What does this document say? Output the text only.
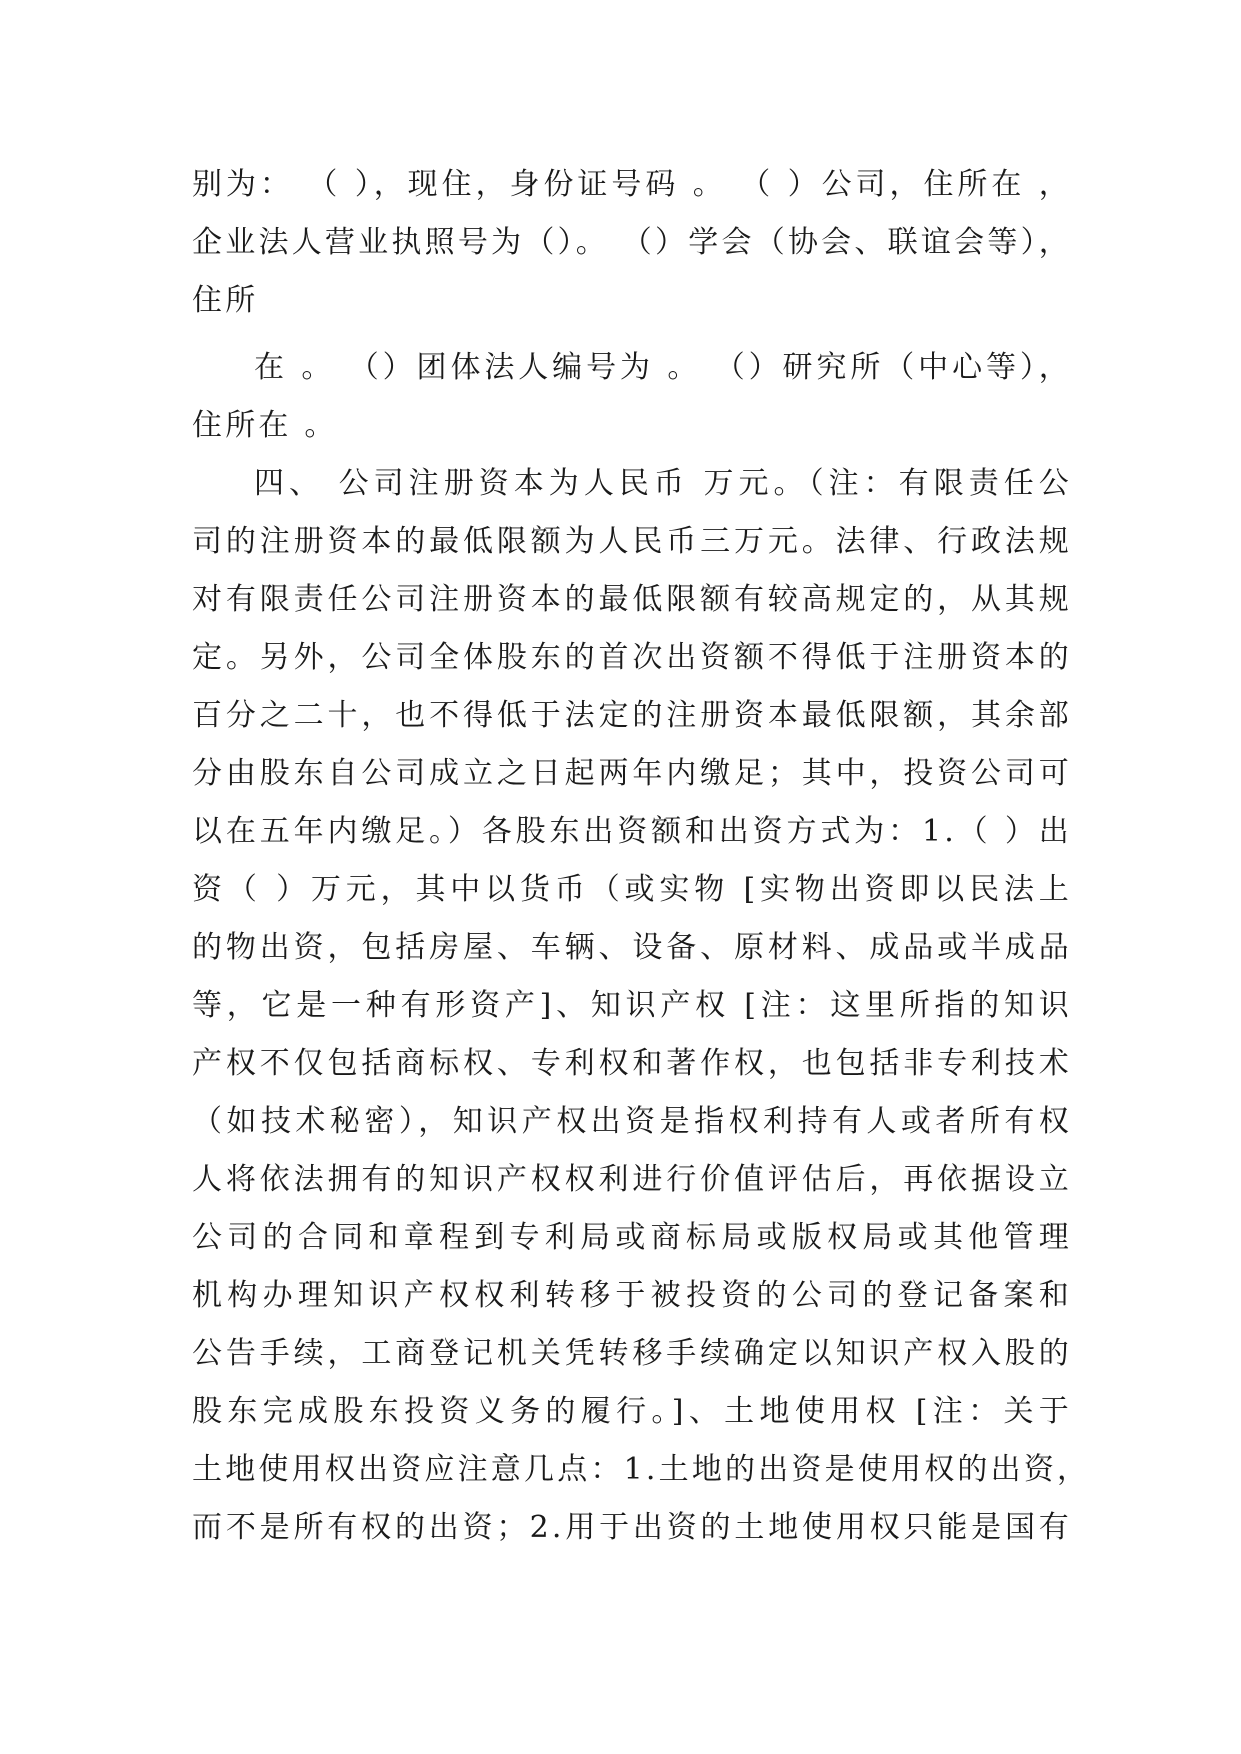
别为： （ ），现住，身份证号码 。 （ ）公司，住所在 ，
企业法人营业执照号为（）。 （）学会（协会、联谊会等），
住所
在 。 （）团体法人编号为 。 （）研究所（中心等），
住所在 。
四、 公司注册资本为人民币 万元。（注：有限责任公
司的注册资本的最低限额为人民币三万元。法律、行政法规
对有限责任公司注册资本的最低限额有较高规定的，从其规
定。另外，公司全体股东的首次出资额不得低于注册资本的
百分之二十，也不得低于法定的注册资本最低限额，其余部
分由股东自公司成立之日起两年内缴足；其中，投资公司可
以在五年内缴足。）各股东出资额和出资方式为：1.（ ）出
资（ ）万元，其中以货币（或实物 [实物出资即以民法上
的物出资，包括房屋、车辆、设备、原材料、成品或半成品
等，它是一种有形资产]、知识产权 [注：这里所指的知识
产权不仅包括商标权、专利权和著作权，也包括非专利技术
（如技术秘密），知识产权出资是指权利持有人或者所有权
人将依法拥有的知识产权权利进行价值评估后，再依据设立
公司的合同和章程到专利局或商标局或版权局或其他管理
机构办理知识产权权利转移于被投资的公司的登记备案和
公告手续，工商登记机关凭转移手续确定以知识产权入股的
股东完成股东投资义务的履行。]、土地使用权 [注：关于
土地使用权出资应注意几点：1.土地的出资是使用权的出资，
而不是所有权的出资；2.用于出资的土地使用权只能是国有
